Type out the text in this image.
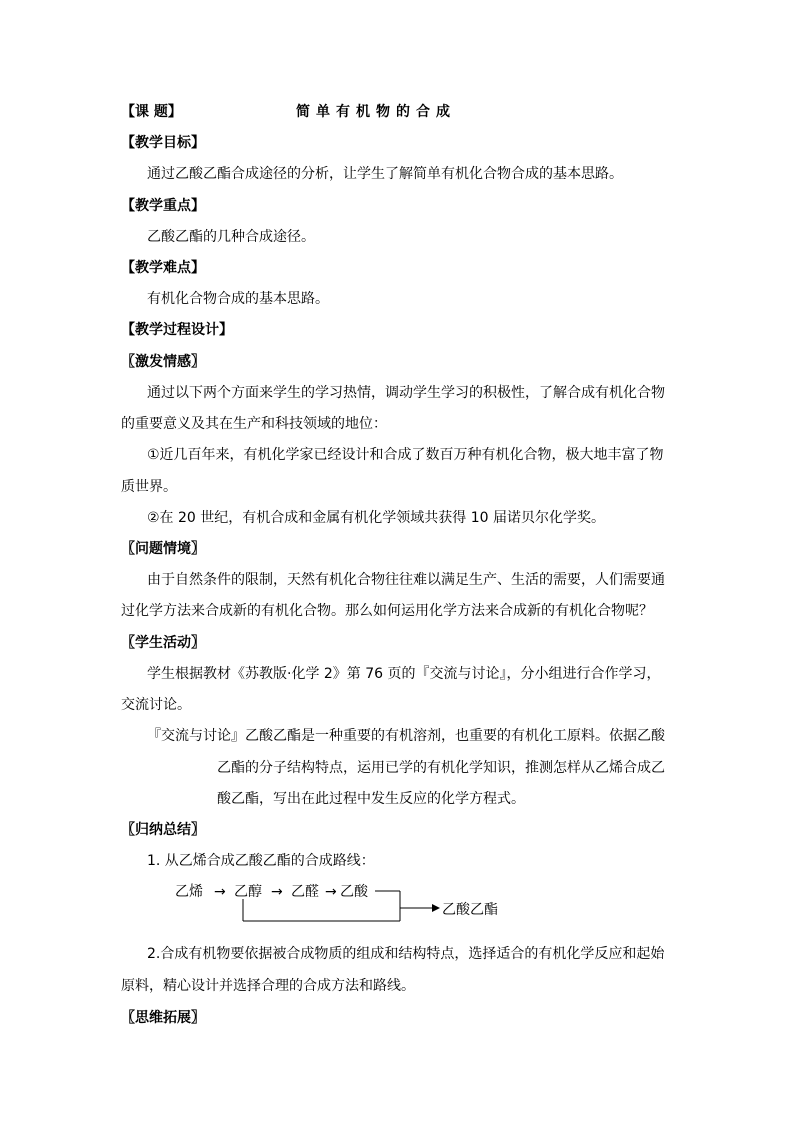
【课 题】	简单有机物的合成
【教学目标】
通过乙酸乙酯合成途径的分析，让学生了解简单有机化合物合成的基本思路。
【教学重点】
乙酸乙酯的几种合成途径。
【教学难点】
有机化合物合成的基本思路。
【教学过程设计】
〖激发情感〗
通过以下两个方面来学生的学习热情，调动学生学习的积极性，了解合成有机化合物
的重要意义及其在生产和科技领域的地位：
①近几百年来，有机化学家已经设计和合成了数百万种有机化合物，极大地丰富了物
质世界。
②在 20 世纪，有机合成和金属有机化学领域共获得 10 届诺贝尔化学奖。
〖问题情境〗
由于自然条件的限制，天然有机化合物往往难以满足生产、生活的需要，人们需要通
过化学方法来合成新的有机化合物。那么如何运用化学方法来合成新的有机化合物呢？
〖学生活动〗
学生根据教材《苏教版·化学 2》第 76 页的『交流与讨论』，分小组进行合作学习，
交流讨论。
『交流与讨论』乙酸乙酯是一种重要的有机溶剂，也重要的有机化工原料。依据乙酸
乙酯的分子结构特点，运用已学的有机化学知识，推测怎样从乙烯合成乙
酸乙酯，写出在此过程中发生反应的化学方程式。
〖归纳总结〗
1. 从乙烯合成乙酸乙酯的合成路线：
乙烯 → 乙醇 → 乙醛 → 乙酸
乙酸乙酯
2.合成有机物要依据被合成物质的组成和结构特点，选择适合的有机化学反应和起始
原料，精心设计并选择合理的合成方法和路线。
〖思维拓展〗
